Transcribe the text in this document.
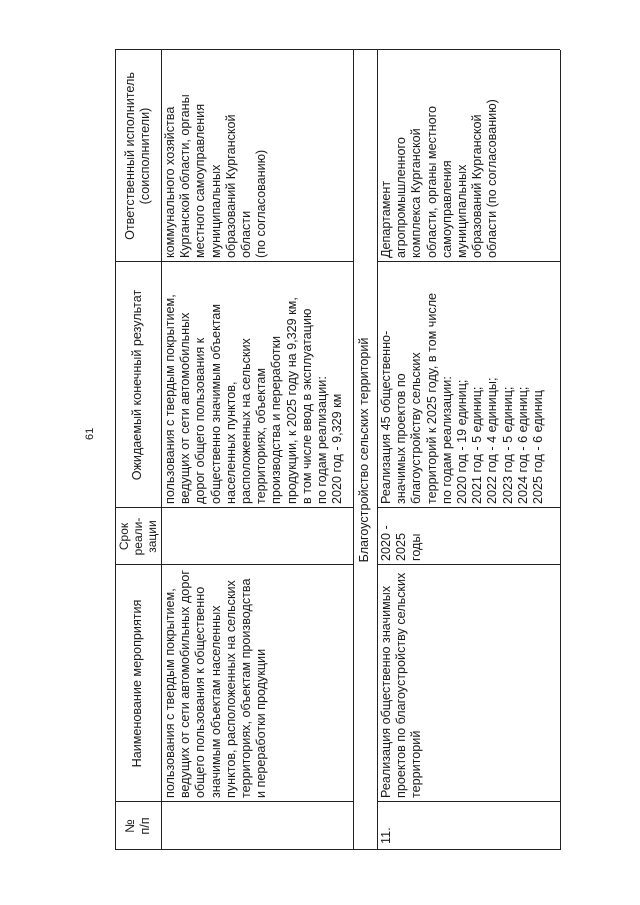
61
№
п/п
Наименование мероприятия
Срок
реали-
зации
Ожидаемый конечный результат
Ответственный исполнитель
(соисполнители)
пользования с твердым покрытием,
ведущих от сети автомобильных дорог
общего пользования к общественно
значимым объектам населенных
пунктов, расположенных на сельских
территориях, объектам производства
и переработки продукции
пользования с твердым покрытием,
ведущих от сети автомобильных
дорог общего пользования к
общественно значимым объектам
населенных пунктов,
расположенных на сельских
территориях, объектам
производства и переработки
продукции, к 2025 году на 9,329 км,
в том числе ввод в эксплуатацию
по годам реализации:
2020 год - 9,329 км
коммунального хозяйства
Курганской области, органы
местного самоуправления
муниципальных
образований Курганской
области
(по согласованию)
Благоустройство сельских территорий
11.
Реализация общественно значимых
проектов по благоустройству сельских
территорий
2020 -
2025 годы
Реализация 45 общественно-
значимых проектов по
благоустройству сельских
территорий к 2025 году, в том числе
по годам реализации:
2020 год - 19 единиц;
2021 год - 5 единиц;
2022 год - 4 единицы;
2023 год - 5 единиц;
2024 год - 6 единиц;
2025 год - 6 единиц
Департамент
агропромышленного
комплекса Курганской
области, органы местного
самоуправления
муниципальных
образований Курганской
области (по согласованию)
